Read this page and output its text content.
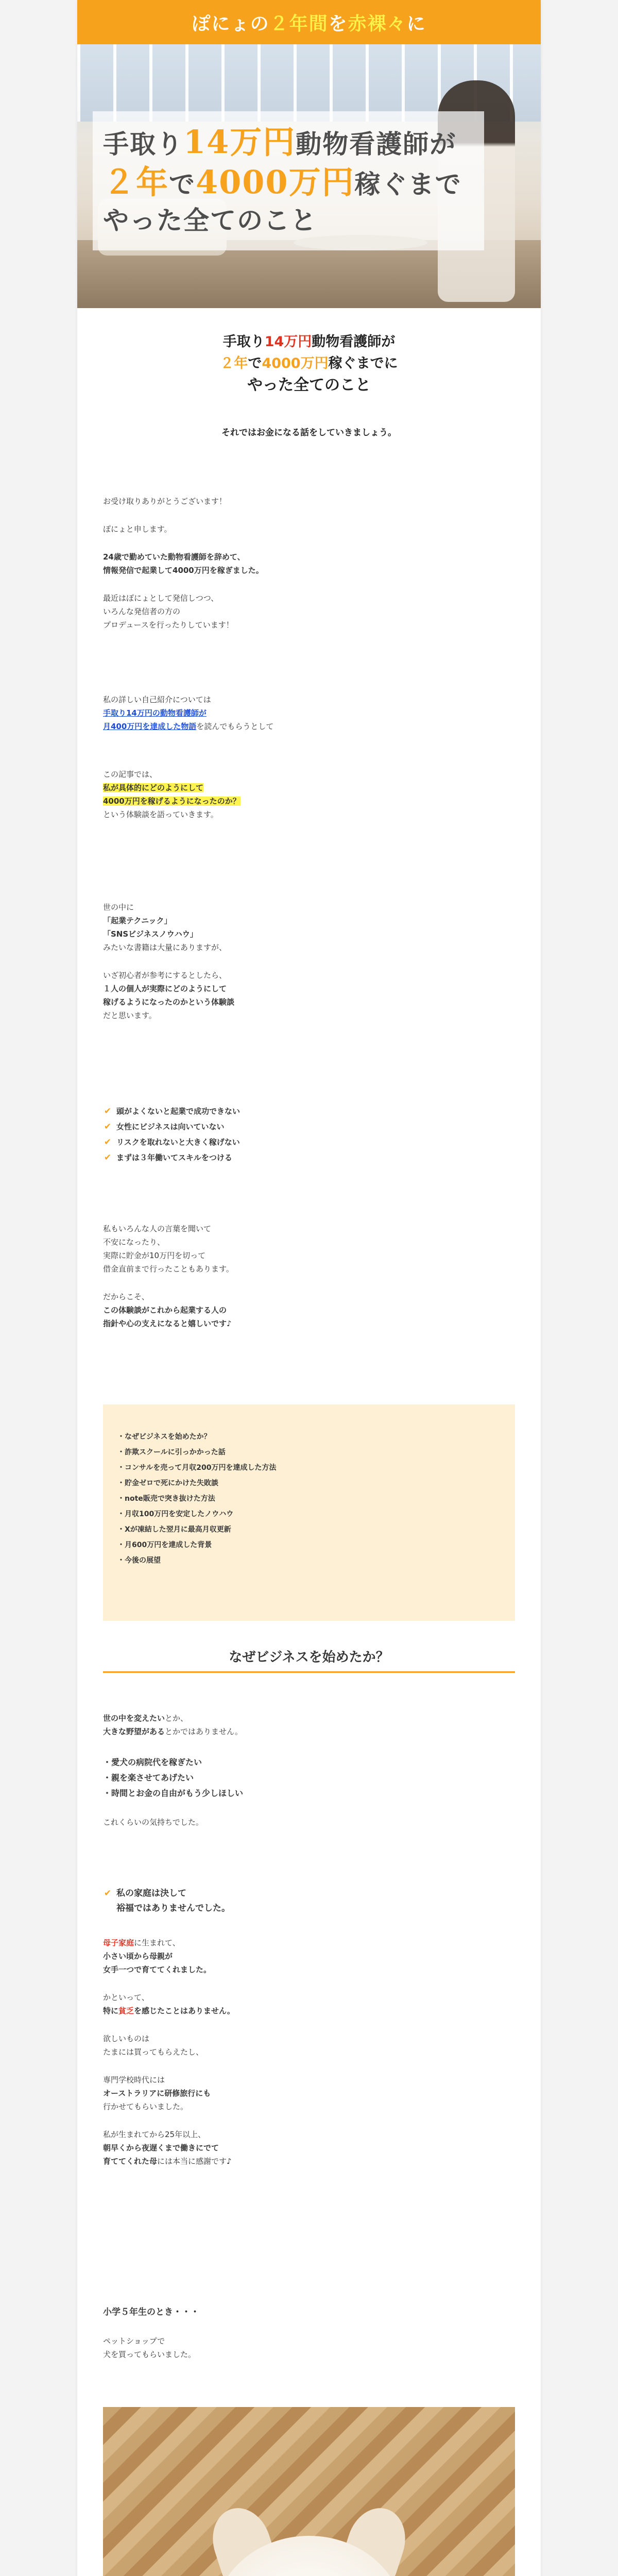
ぽにょの ２年間 を 赤裸々 に
手取り14万円動物看護師が
２年で4000万円稼ぐまで
やった全てのこと
手取り14万円動物看護師が
２年で4000万円稼ぐまでに
やった全てのこと
それではお金になる話をしていきましょう。

お受け取りありがとうございます！

ぽにょと申します。

24歳で勤めていた動物看護師を辞めて、

情報発信で起業して4000万円を稼ぎました。

最近はぽにょとして発信しつつ、

いろんな発信者の方の

プロデュースを行ったりしています！

私の詳しい自己紹介については

手取り14万円の動物看護師が

月400万円を達成した物語を読んでもらうとして

この記事では、

私が具体的にどのようにして

4000万円を稼げるようになったのか？

という体験談を語っていきます。

世の中に

「起業テクニック」

「SNSビジネスノウハウ」

みたいな書籍は大量にありますが、

いざ初心者が参考にするとしたら、

１人の個人が実際にどのようにして

稼げるようになったのかという体験談

だと思います。

✔ 頭がよくないと起業で成功できない
✔ 女性にビジネスは向いていない
✔ リスクを取れないと大きく稼げない
✔ まずは３年働いてスキルをつける

私もいろんな人の言葉を聞いて

不安になったり、

実際に貯金が10万円を切って

借金直前まで行ったこともあります。

だからこそ、

この体験談がこれから起業する人の

指針や心の支えになると嬉しいです♪

・なぜビジネスを始めたか？
・詐欺スクールに引っかかった話
・コンサルを売って月収200万円を達成した方法
・貯金ゼロで死にかけた失敗談
・note販売で突き抜けた方法
・月収100万円を安定したノウハウ
・Xが凍結した翌月に最高月収更新
・月600万円を達成した背景
・今後の展望
なぜビジネスを始めたか？

世の中を変えたいとか、

大きな野望があるとかではありません。

・愛犬の病院代を稼ぎたい

・親を楽させてあげたい

・時間とお金の自由がもう少しほしい

これくらいの気持ちでした。

✔ 私の家庭は決して

裕福ではありませんでした。

母子家庭に生まれて、

小さい頃から母親が

女手一つで育ててくれました。

かといって、

特に貧乏を感じたことはありません。

欲しいものは

たまには買ってもらえたし、

専門学校時代には

オーストラリアに研修旅行にも

行かせてもらいました。

私が生まれてから25年以上、

朝早くから夜遅くまで働きにでて

育ててくれた母には本当に感謝です♪

小学５年生のとき・・・

ペットショップで

犬を買ってもらいました。
